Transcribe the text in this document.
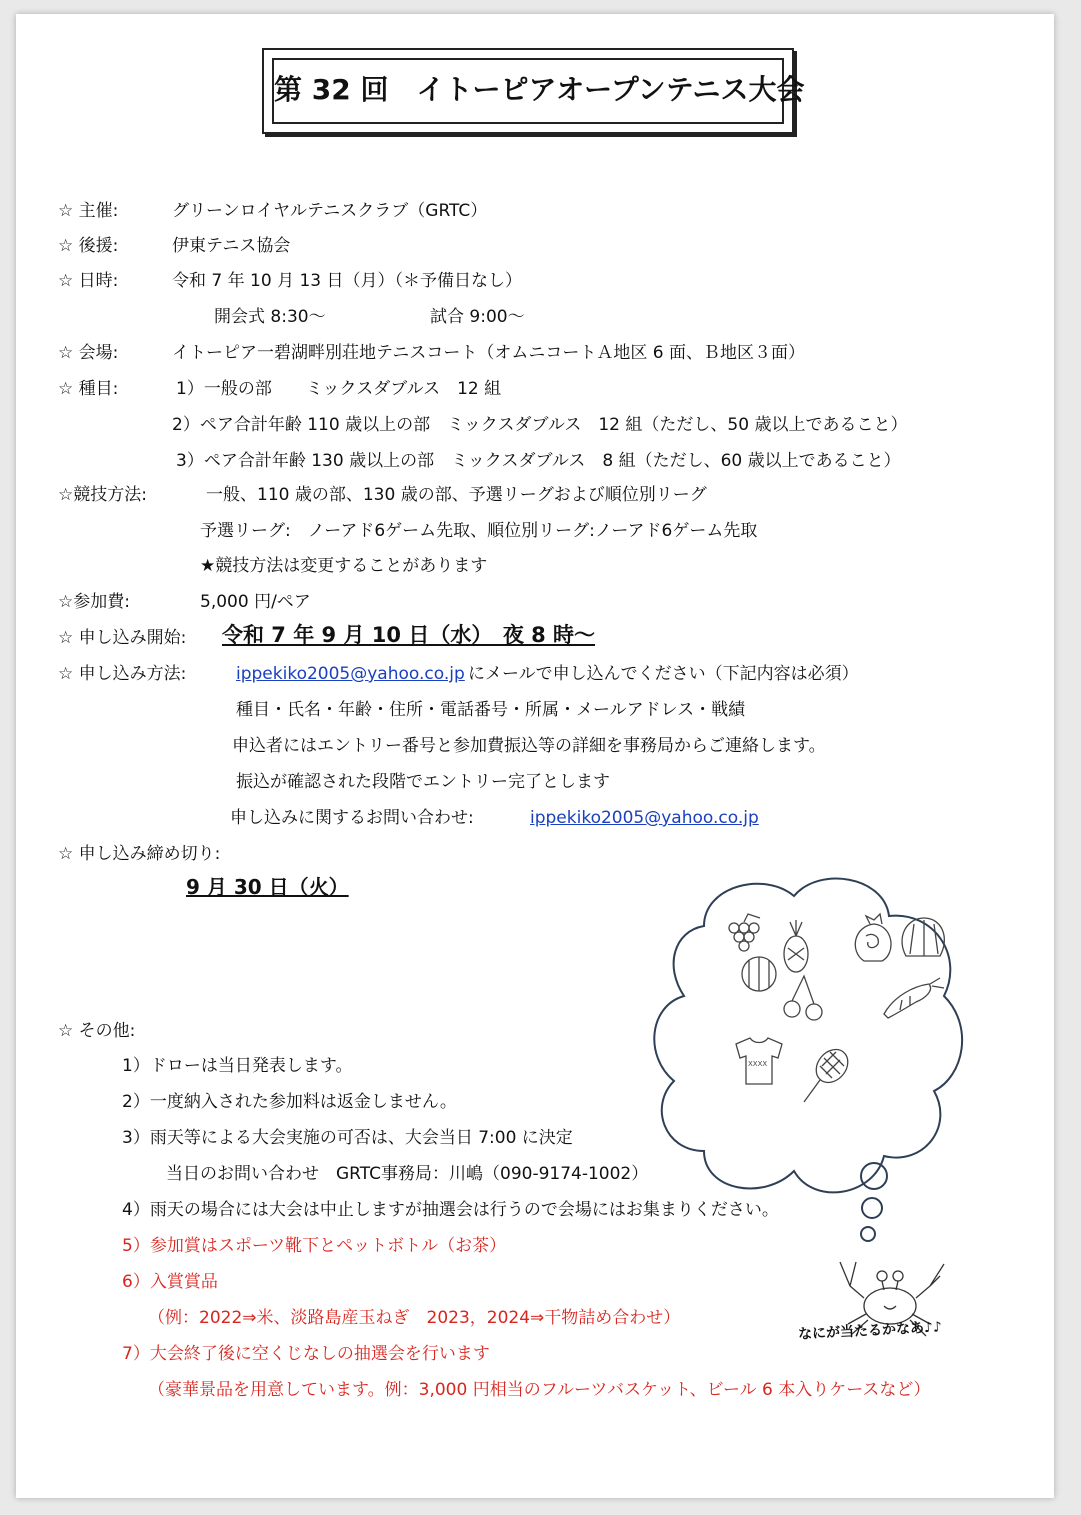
第 32 回　イトーピアオープンテニス大会
☆ 主催:	グリーンロイヤルテニスクラブ（GRTC）
☆ 後援:	伊東テニス協会
☆ 日時:	令和 7 年 10 月 13 日（月）（＊予備日なし）
開会式 8:30〜	試合 9:00〜
☆ 会場:	イトーピア一碧湖畔別荘地テニスコート（オムニコートＡ地区 6 面、Ｂ地区３面）
☆ 種目:	1）一般の部　　ミックスダブルス　12 組
2）ペア合計年齢 110 歳以上の部　ミックスダブルス　12 組（ただし、50 歳以上であること）
3）ペア合計年齢 130 歳以上の部　ミックスダブルス　8 組（ただし、60 歳以上であること）
☆競技方法:	一般、110 歳の部、130 歳の部、予選リーグおよび順位別リーグ
予選リーグ:　ノーアド6ゲーム先取、順位別リーグ:ノーアド6ゲーム先取
★競技方法は変更することがあります
☆参加費:	5,000 円/ペア
☆ 申し込み開始: 令和 7 年 9 月 10 日（水）　夜 8 時〜
☆ 申し込み方法:	ippekiko2005@yahoo.co.jp にメールで申し込んでください（下記内容は必須）
種目・氏名・年齢・住所・電話番号・所属・メールアドレス・戦績
申込者にはエントリー番号と参加費振込等の詳細を事務局からご連絡します。
振込が確認された段階でエントリー完了とします
申し込みに関するお問い合わせ:	ippekiko2005@yahoo.co.jp
☆ 申し込み締め切り:
9 月 30 日（火）
☆ その他:
1）ドローは当日発表します。
2）一度納入された参加料は返金しません。
3）雨天等による大会実施の可否は、大会当日 7:00 に決定
当日のお問い合わせ　GRTC事務局：川嶋（090-9174-1002）
4）雨天の場合には大会は中止しますが抽選会は行うので会場にはお集まりください。
5）参加賞はスポーツ靴下とペットボトル（お茶）
6）入賞賞品
（例：2022⇒米、淡路島産玉ねぎ　2023，2024⇒干物詰め合わせ）
7）大会終了後に空くじなしの抽選会を行います
（豪華景品を用意しています。例：3,000 円相当のフルーツバスケット、ビール 6 本入りケースなど）
XXXX
なにが当たるかなあ♪♪
